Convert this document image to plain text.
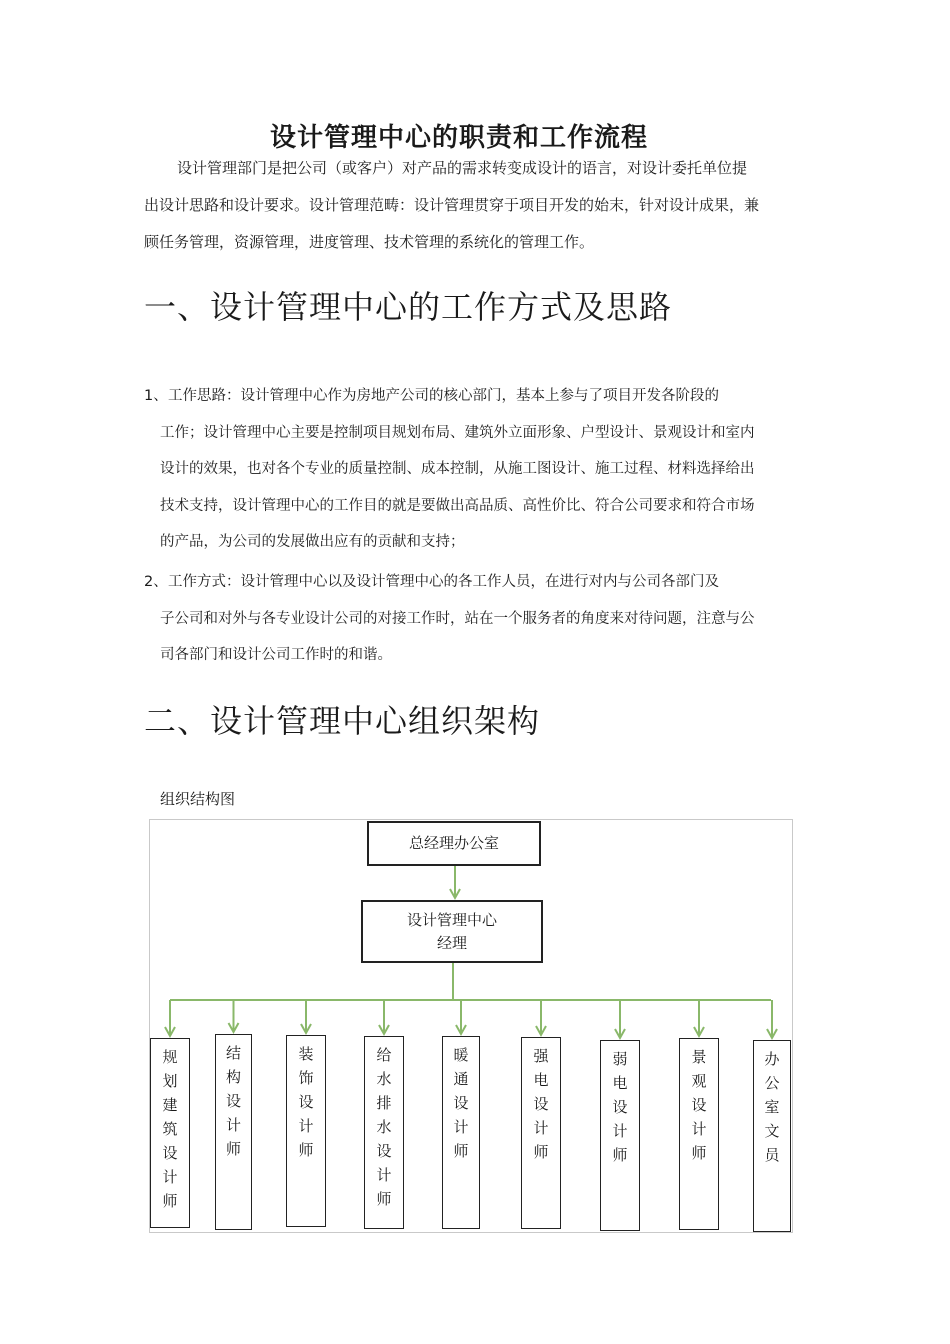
设计管理中心的职责和工作流程

设计管理部门是把公司（或客户）对产品的需求转变成设计的语言，对设计委托单位提出设计思路和设计要求。设计管理范畴：设计管理贯穿于项目开发的始末，针对设计成果，兼顾任务管理，资源管理，进度管理、技术管理的系统化的管理工作。

一、设计管理中心的工作方式及思路
1、工作思路：设计管理中心作为房地产公司的核心部门，基本上参与了项目开发各阶段的
工作；设计管理中心主要是控制项目规划布局、建筑外立面形象、户型设计、景观设计和室内设计的效果，也对各个专业的质量控制、成本控制，从施工图设计、施工过程、材料选择给出技术支持，设计管理中心的工作目的就是要做出高品质、高性价比、符合公司要求和符合市场的产品，为公司的发展做出应有的贡献和支持；
2、工作方式：设计管理中心以及设计管理中心的各工作人员，在进行对内与公司各部门及
子公司和对外与各专业设计公司的对接工作时，站在一个服务者的角度来对待问题，注意与公司各部门和设计公司工作时的和谐。
二、设计管理中心组织架构
组织结构图
总经理办公室
设计管理中心
经理
规划建筑设计师	结构设计师	装饰设计师	给水排水设计师	暖通设计师	强电设计师	弱电设计师	景观设计师	办公室文员
